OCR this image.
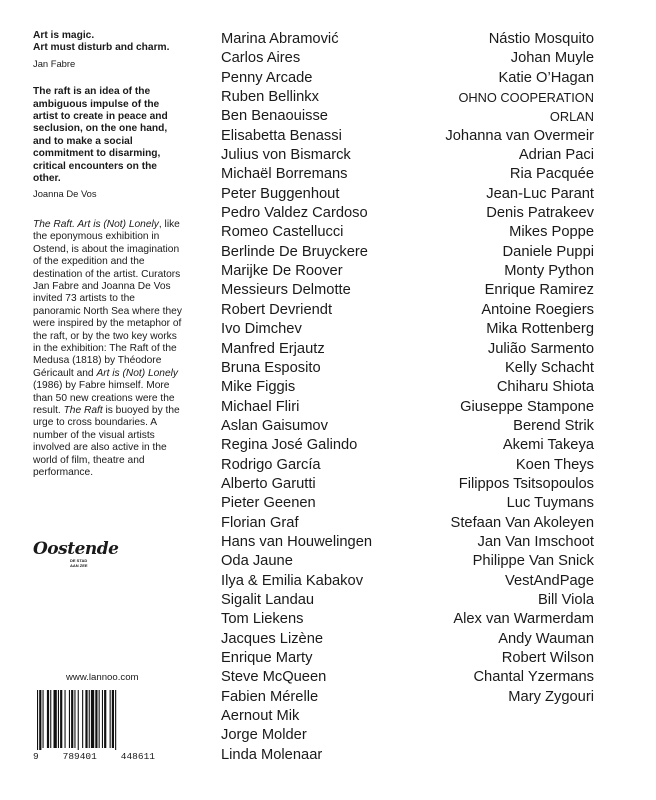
Art is magic.

Art must disturb and charm.

Jan Fabre

The raft is an idea of the ambiguous impulse of the artist to create in peace and seclusion, on the one hand, and to make a social commitment to disarming, critical encounters on the other.

Joanna De Vos

The Raft. Art is (Not) Lonely, like the eponymous exhibition in Ostend, is about the imagination of the expedition and the destination of the artist. Curators Jan Fabre and Joanna De Vos invited 73 artists to the panoramic North Sea where they were inspired by the metaphor of the raft, or by the two key works in the exhibition: The Raft of the Medusa (1818) by Théodore Géricault and Art is (Not) Lonely (1986) by Fabre himself. More than 50 new creations were the result. The Raft is buoyed by the urge to cross boundaries. A number of the visual artists involved are also active in the world of film, theatre and performance.

Oostende
DE STAD AAN ZEE
www.lannoo.com
9	789401	448611
Marina Abramović
Carlos Aires
Penny Arcade
Ruben Bellinkx
Ben Benaouisse
Elisabetta Benassi
Julius von Bismarck
Michaël Borremans
Peter Buggenhout
Pedro Valdez Cardoso
Romeo Castellucci
Berlinde De Bruyckere
Marijke De Roover
Messieurs Delmotte
Robert Devriendt
Ivo Dimchev
Manfred Erjautz
Bruna Esposito
Mike Figgis
Michael Fliri
Aslan Gaisumov
Regina José Galindo
Rodrigo García
Alberto Garutti
Pieter Geenen
Florian Graf
Hans van Houwelingen
Oda Jaune
Ilya & Emilia Kabakov
Sigalit Landau
Tom Liekens
Jacques Lizène
Enrique Marty
Steve McQueen
Fabien Mérelle
Aernout Mik
Jorge Molder
Linda Molenaar
Nástio Mosquito
Johan Muyle
Katie O’Hagan
OHNO COOPERATION
ORLAN
Johanna van Overmeir
Adrian Paci
Ria Pacquée
Jean-Luc Parant
Denis Patrakeev
Mikes Poppe
Daniele Puppi
Monty Python
Enrique Ramirez
Antoine Roegiers
Mika Rottenberg
Julião Sarmento
Kelly Schacht
Chiharu Shiota
Giuseppe Stampone
Berend Strik
Akemi Takeya
Koen Theys
Filippos Tsitsopoulos
Luc Tuymans
Stefaan Van Akoleyen
Jan Van Imschoot
Philippe Van Snick
VestAndPage
Bill Viola
Alex van Warmerdam
Andy Wauman
Robert Wilson
Chantal Yzermans
Mary Zygouri
